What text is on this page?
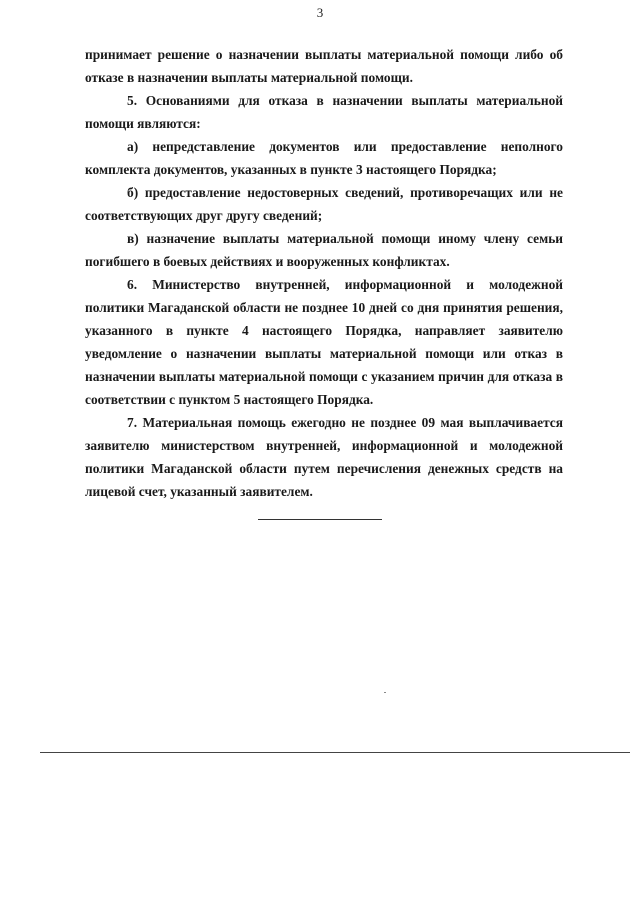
3

принимает решение о назначении выплаты материальной помощи либо об отказе в назначении выплаты материальной помощи.

5. Основаниями для отказа в назначении выплаты материальной помощи являются:

а) непредставление документов или предоставление неполного комплекта документов, указанных в пункте 3 настоящего Порядка;

б) предоставление недостоверных сведений, противоречащих или не соответствующих друг другу сведений;

в) назначение выплаты материальной помощи иному члену семьи погибшего в боевых действиях и вооруженных конфликтах.

6. Министерство внутренней, информационной и молодежной политики Магаданской области не позднее 10 дней со дня принятия решения, указанного в пункте 4 настоящего Порядка, направляет заявителю уведомление о назначении выплаты материальной помощи или отказ в назначении выплаты материальной помощи с указанием причин для отказа в соответствии с пунктом 5 настоящего Порядка.

7. Материальная помощь ежегодно не позднее 09 мая выплачивается заявителю министерством внутренней, информационной и молодежной политики Магаданской области путем перечисления денежных средств на лицевой счет, указанный заявителем.
